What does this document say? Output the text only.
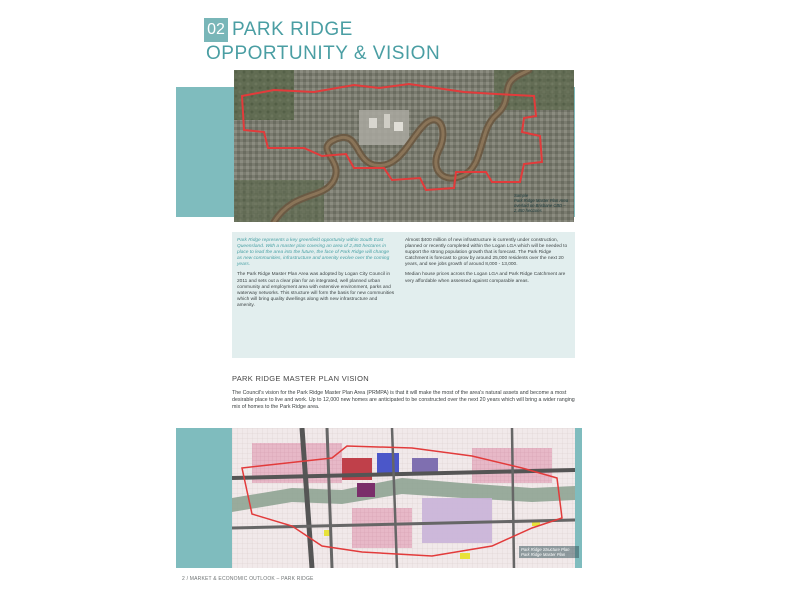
02 PARK RIDGE
OPPORTUNITY & VISION
Sample
Park Ridge Master Plan Area overlaid on Brisbane CBD – 2,450 hectares

Park Ridge represents a key greenfield opportunity within South East Queensland. With a master plan covering an area of 2,450 hectares in place to lead the area into the future, the face of Park Ridge will change as new communities, infrastructure and amenity evolve over the coming years.

The Park Ridge Master Plan Area was adopted by Logan City Council in 2011 and sets out a clear plan for an integrated, well planned urban community and employment area with extensive environment, parks and waterway networks. This structure will form the basis for new communities which will bring quality dwellings along with new infrastructure and amenity.

Almost $400 million of new infrastructure is currently under construction, planned or recently completed within the Logan LGA which will be needed to support the strong population growth that is forecast. The Park Ridge Catchment is forecast to grow by around 25,000 residents over the next 20 years, and see jobs growth of around 8,000 - 13,000.

Median house prices across the Logan LGA and Park Ridge Catchment are very affordable when assessed against comparable areas.

PARK RIDGE MASTER PLAN VISION
The Council's vision for the Park Ridge Master Plan Area (PRMPA) is that it will make the most of the area's natural assets and become a most desirable place to live and work. Up to 12,000 new homes are anticipated to be constructed over the next 20 years which will bring a wider ranging mix of homes to the Park Ridge area.
Park Ridge Structure Plan
Park Ridge Master Plan
2 / MARKET & ECONOMIC OUTLOOK – PARK RIDGE
